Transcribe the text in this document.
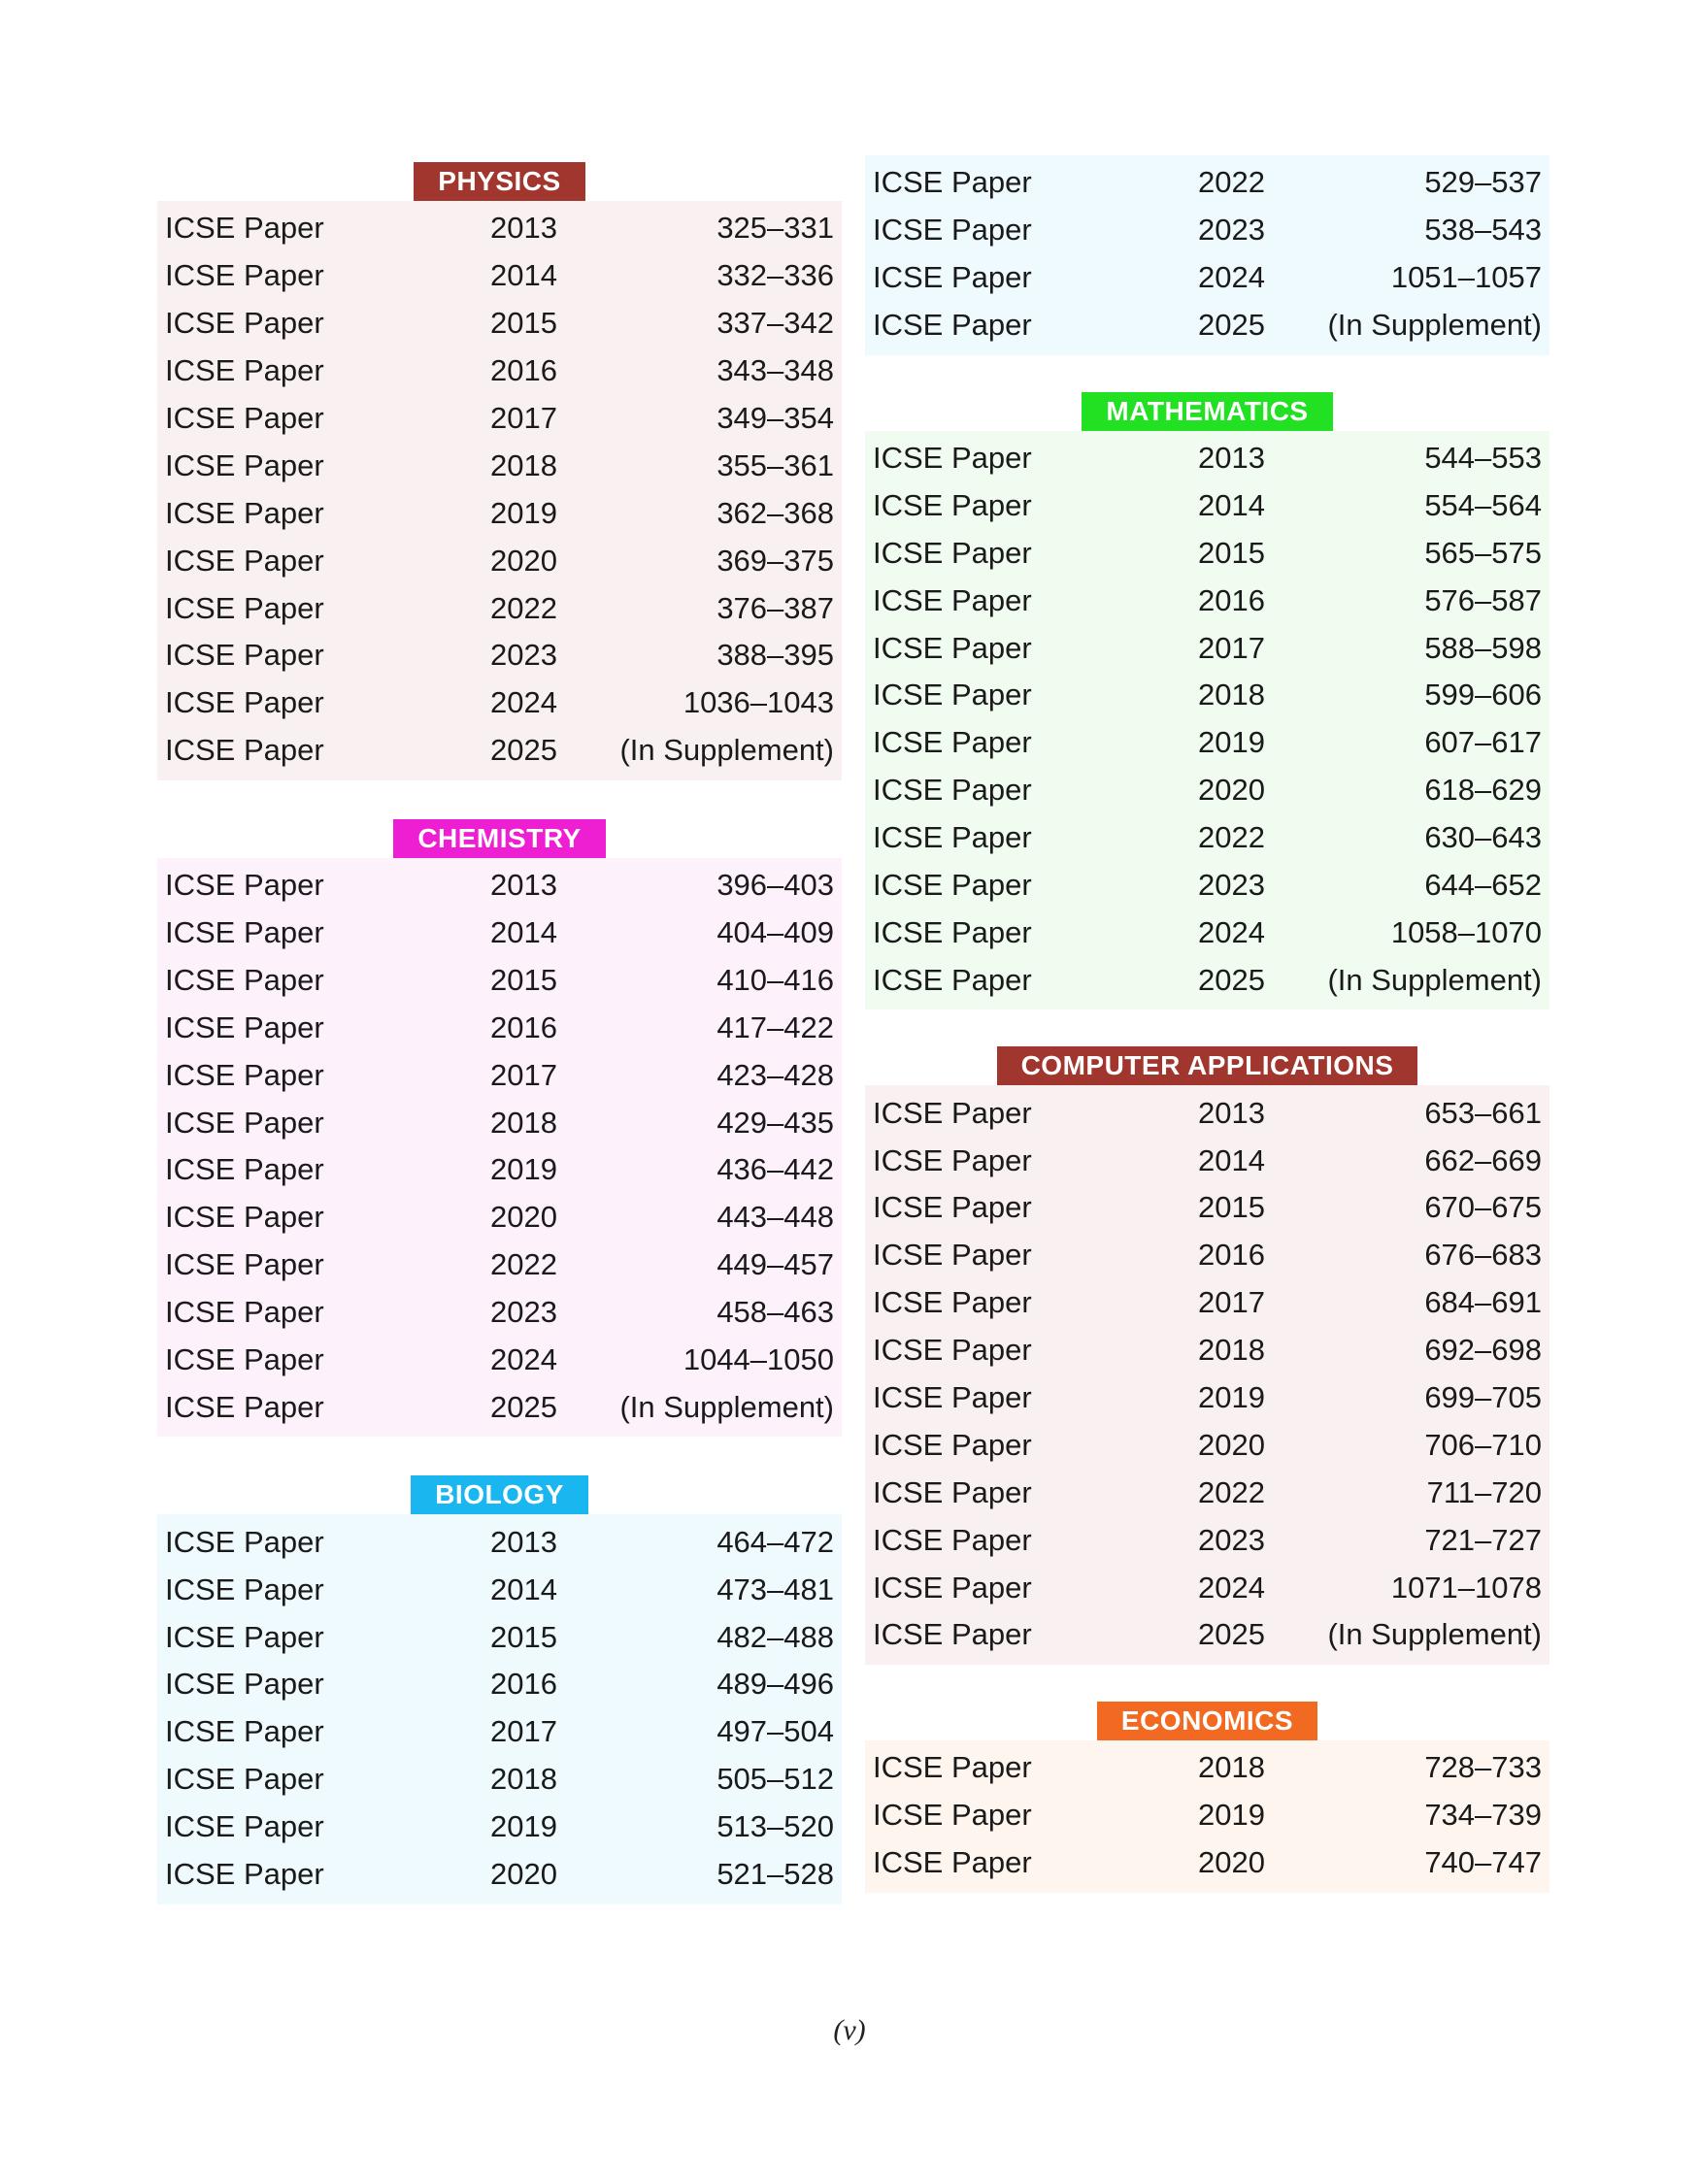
PHYSICS
ICSE Paper	2013	325–331
ICSE Paper	2014	332–336
ICSE Paper	2015	337–342
ICSE Paper	2016	343–348
ICSE Paper	2017	349–354
ICSE Paper	2018	355–361
ICSE Paper	2019	362–368
ICSE Paper	2020	369–375
ICSE Paper	2022	376–387
ICSE Paper	2023	388–395
ICSE Paper	2024	1036–1043
ICSE Paper	2025	(In Supplement)
CHEMISTRY
ICSE Paper	2013	396–403
ICSE Paper	2014	404–409
ICSE Paper	2015	410–416
ICSE Paper	2016	417–422
ICSE Paper	2017	423–428
ICSE Paper	2018	429–435
ICSE Paper	2019	436–442
ICSE Paper	2020	443–448
ICSE Paper	2022	449–457
ICSE Paper	2023	458–463
ICSE Paper	2024	1044–1050
ICSE Paper	2025	(In Supplement)
BIOLOGY
ICSE Paper	2013	464–472
ICSE Paper	2014	473–481
ICSE Paper	2015	482–488
ICSE Paper	2016	489–496
ICSE Paper	2017	497–504
ICSE Paper	2018	505–512
ICSE Paper	2019	513–520
ICSE Paper	2020	521–528
ICSE Paper	2022	529–537
ICSE Paper	2023	538–543
ICSE Paper	2024	1051–1057
ICSE Paper	2025	(In Supplement)
MATHEMATICS
ICSE Paper	2013	544–553
ICSE Paper	2014	554–564
ICSE Paper	2015	565–575
ICSE Paper	2016	576–587
ICSE Paper	2017	588–598
ICSE Paper	2018	599–606
ICSE Paper	2019	607–617
ICSE Paper	2020	618–629
ICSE Paper	2022	630–643
ICSE Paper	2023	644–652
ICSE Paper	2024	1058–1070
ICSE Paper	2025	(In Supplement)
COMPUTER APPLICATIONS
ICSE Paper	2013	653–661
ICSE Paper	2014	662–669
ICSE Paper	2015	670–675
ICSE Paper	2016	676–683
ICSE Paper	2017	684–691
ICSE Paper	2018	692–698
ICSE Paper	2019	699–705
ICSE Paper	2020	706–710
ICSE Paper	2022	711–720
ICSE Paper	2023	721–727
ICSE Paper	2024	1071–1078
ICSE Paper	2025	(In Supplement)
ECONOMICS
ICSE Paper	2018	728–733
ICSE Paper	2019	734–739
ICSE Paper	2020	740–747
(v)
